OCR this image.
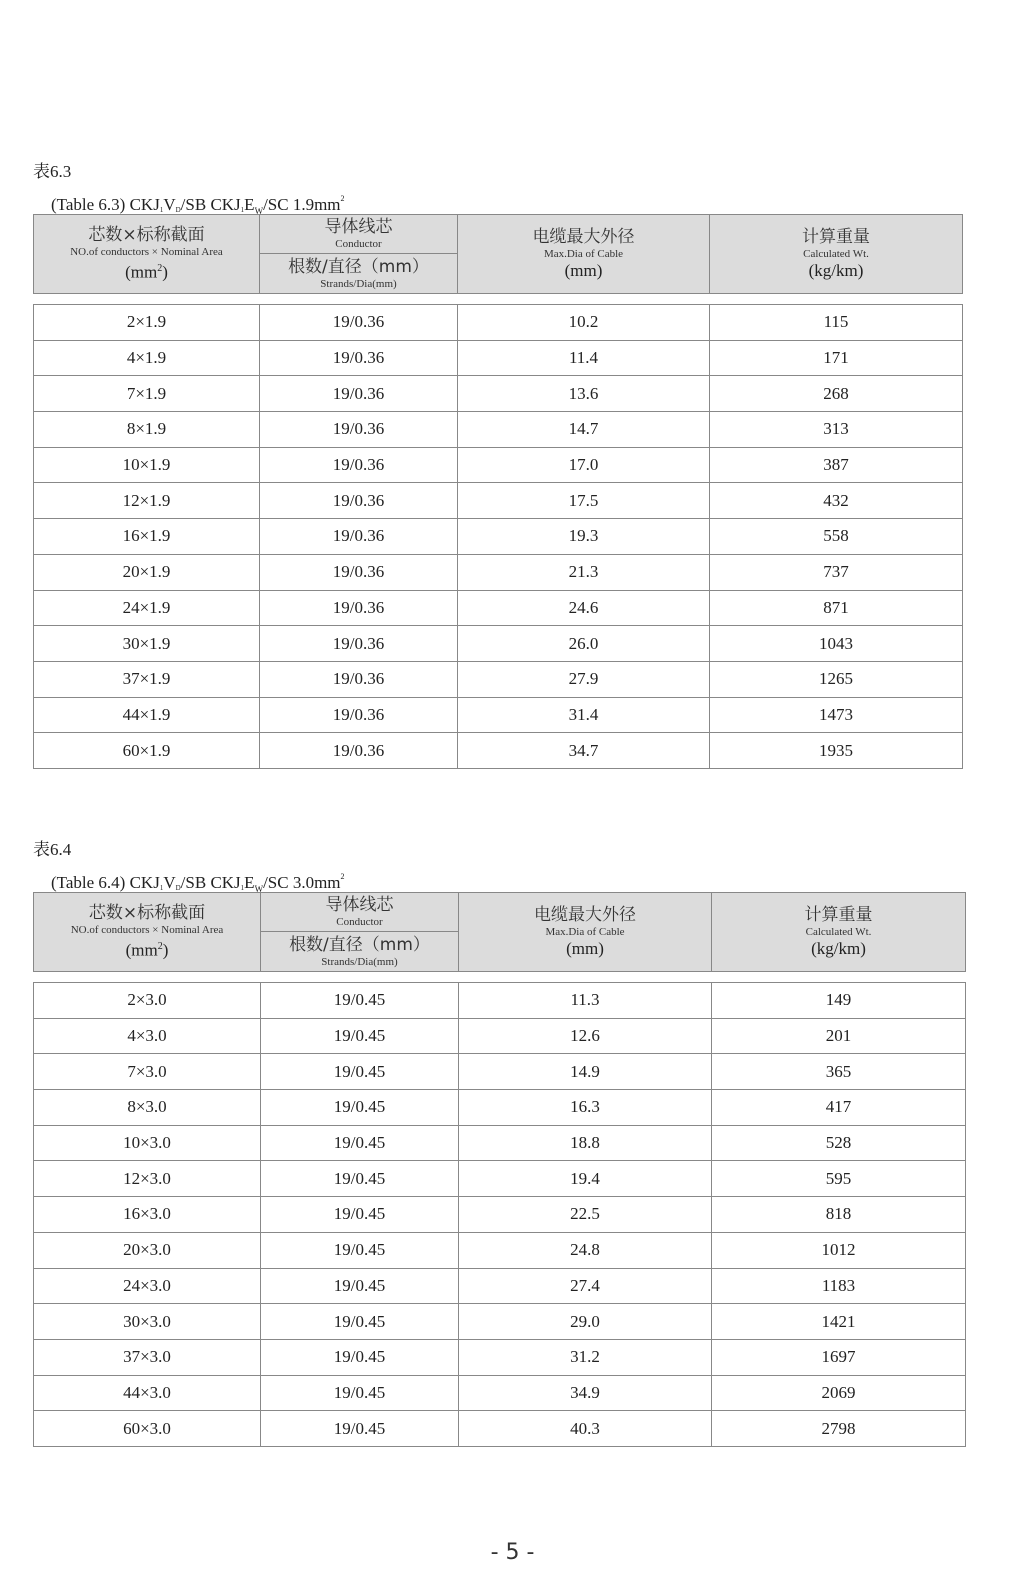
表6.3
(Table 6.3) $CKJ_1V_D/SB$ $CKJ_1E_W/SC$ $1.9mm^2$
芯数×标称截面
NO.of conductors × Nominal Area
$(mm^2)$

导体线芯
Conductor
根数/直径（mm）
Strands/Dia(mm)

电缆最大外径
Max.Dia of Cable
(mm)

计算重量
Calculated Wt.
(kg/km)
2×1.9	19/0.36	10.2	115
4×1.9	19/0.36	11.4	171
7×1.9	19/0.36	13.6	268
8×1.9	19/0.36	14.7	313
10×1.9	19/0.36	17.0	387
12×1.9	19/0.36	17.5	432
16×1.9	19/0.36	19.3	558
20×1.9	19/0.36	21.3	737
24×1.9	19/0.36	24.6	871
30×1.9	19/0.36	26.0	1043
37×1.9	19/0.36	27.9	1265
44×1.9	19/0.36	31.4	1473
60×1.9	19/0.36	34.7	1935
表6.4
(Table 6.4) $CKJ_1V_D/SB$ $CKJ_1E_W/SC$ $3.0mm^2$
芯数×标称截面
NO.of conductors × Nominal Area
$(mm^2)$

导体线芯
Conductor
根数/直径（mm）
Strands/Dia(mm)

电缆最大外径
Max.Dia of Cable
(mm)

计算重量
Calculated Wt.
(kg/km)
2×3.0	19/0.45	11.3	149
4×3.0	19/0.45	12.6	201
7×3.0	19/0.45	14.9	365
8×3.0	19/0.45	16.3	417
10×3.0	19/0.45	18.8	528
12×3.0	19/0.45	19.4	595
16×3.0	19/0.45	22.5	818
20×3.0	19/0.45	24.8	1012
24×3.0	19/0.45	27.4	1183
30×3.0	19/0.45	29.0	1421
37×3.0	19/0.45	31.2	1697
44×3.0	19/0.45	34.9	2069
60×3.0	19/0.45	40.3	2798
- 5 -
